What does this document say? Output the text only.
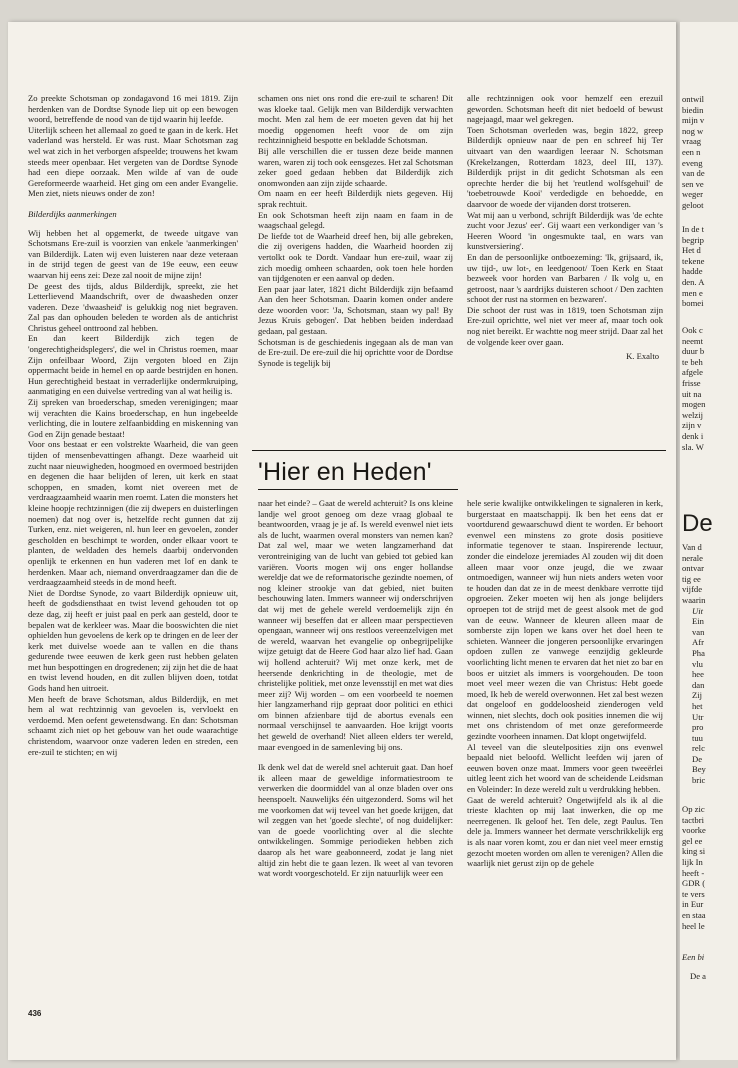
Zo preekte Schotsman op zondagavond 16 mei 1819. Zijn herdenken van de Dordtse Synode liep uit op een bewogen woord, betreffende de nood van de tijd waarin hij leefde.

Uiterlijk scheen het allemaal zo goed te gaan in de kerk. Het vaderland was hersteld. Er was rust. Maar Schotsman zag wel wat zich in het verborgen afspeelde; trouwens het kwam steeds meer openbaar. Het vergeten van de Dordtse Synode had een diepe oorzaak. Men wilde af van de oude Gereformeerde waarheid. Het ging om een ander Evangelie. Men ziet, niets nieuws onder de zon!

Bilderdijks aanmerkingen

Wij hebben het al opgemerkt, de tweede uitgave van Schotsmans Ere-zuil is voorzien van enkele 'aanmerkingen' van Bilderdijk. Laten wij even luisteren naar deze veteraan in de strijd tegen de geest van de 19e eeuw, een eeuw waarvan hij eens zei: Deze zal nooit de mijne zijn!

De geest des tijds, aldus Bilderdijk, spreekt, zie het Letterlievend Maandschrift, over de dwaasheden onzer vaderen. Deze 'dwaasheid' is gelukkig nog niet begraven. Zal pas dan ophouden beleden te worden als de antichrist Christus geheel onttroond zal hebben.

En dan keert Bilderdijk zich tegen de 'ongerechtigheidsplegers', die wel in Christus roemen, maar Zijn onfeilbaar Woord, Zijn vergoten bloed en Zijn oppermacht beide in hemel en op aarde bestrijden en honen. Hun gerechtigheid bestaat in verraderlijke ondermkruiping, aanmatiging en een duivelse vertreding van al wat heilig is.

Zij spreken van broederschap, smeden verenigingen; maar wij verachten die Kains broederschap, en hun ingebeelde verlichting, die in loutere zelfaanbidding en miskenning van God en Zijn genade bestaat!

Voor ons bestaat er een volstrekte Waarheid, die van geen tijden of mensenbevattingen afhangt. Deze waarheid uit zucht naar nieuwigheden, hoogmoed en overmoed bestrijden en degenen die haar belijden of leren, uit kerk en staat schoppen, en smaden, komt niet overeen met de verdraagzaamheid waarin men roemt. Laten die monsters het kleine hoopje rechtzinnigen (die zij dwepers en duisterlingen noemen) dat nog over is, hetzelfde recht gunnen dat zij Turken, enz. niet weigeren, nl. hun leer en gevoelen, zonder gescholden en beschimpt te worden, onder elkaar voort te planten, de weldaden des hemels daarbij ondervonden openlijk te erkennen en hun vaderen met lof en dank te herdenken. Maar ach, niemand onverdraagzamer dan die de verdraagzaamheid steeds in de mond heeft.

Niet de Dordtse Synode, zo vaart Bilderdijk opnieuw uit, heeft de godsdiensthaat en twist levend gehouden tot op deze dag, zij heeft er juist paal en perk aan gesteld, door te bepalen wat de kerkleer was. Maar die booswichten die niet ophielden hun gevoelens de kerk op te dringen en de leer der kerk met duivelse woede aan te vallen en die thans gedurende twee eeuwen de kerk geen rust hebben gelaten met hun bespottingen en drogredenen; zij zijn het die de haat en twist levend houden, en dit zullen blijven doen, totdat Gods hand hen uitroeit.

Men heeft de brave Schotsman, aldus Bilderdijk, en met hem al wat rechtzinnig van gevoelen is, vervloekt en verdoemd. Men oefent gewetensdwang. En dan: Schotsman schaamt zich niet op het gebouw van het oude waarachtige christendom, waarvoor onze vaderen leden en streden, een ere-zuil te stichten; en wij

schamen ons niet ons rond die ere-zuil te scharen! Dit was kloeke taal. Gelijk men van Bilderdijk verwachten mocht. Men zal hem de eer moeten geven dat hij het moedig opgenomen heeft voor de om zijn rechtzinnigheid bespotte en bekladde Schotsman.

Bij alle verschillen die er tussen deze beide mannen waren, waren zij toch ook eensgezes. Het zal Schotsman zeker goed gedaan hebben dat Bilderdijk zich onomwonden aan zijn zijde schaarde.

Om naam en eer heeft Bilderdijk niets gegeven. Hij sprak rechtuit.

En ook Schotsman heeft zijn naam en faam in de waagschaal gelegd.

De liefde tot de Waarheid dreef hen, bij alle gebreken, die zij overigens hadden, die Waarheid hoorden zij vertolkt ook te Dordt. Vandaar hun ere-zuil, waar zij zich moedig omheen schaarden, ook toen hele horden van tijdgenoten er een aanval op deden.

Een paar jaar later, 1821 dicht Bilderdijk zijn befaamd Aan den heer Schotsman. Daarin komen onder andere deze woorden voor: 'Ja, Schotsman, staan wy pal! By Jezus Kruis gebogen'. Dat hebben beiden inderdaad gedaan, pal gestaan.

Schotsman is de geschiedenis ingegaan als de man van de Ere-zuil. De ere-zuil die hij oprichtte voor de Dordtse Synode is tegelijk bij

alle rechtzinnigen ook voor hemzelf een erezuil geworden. Schotsman heeft dit niet bedoeld of bewust nagejaagd, maar wel gekregen.

Toen Schotsman overleden was, begin 1822, greep Bilderdijk opnieuw naar de pen en schreef hij Ter uitvaart van den waardigen leeraar N. Schotsman (Krekelzangen, Rotterdam 1823, deel III, 137). Bilderdijk prijst in dit gedicht Schotsman als een oprechte herder die bij het 'reutlend wolfsgehuil' de 'toebetrouwde Kooi' verdedigde en behoedde, en daarvoor de woede der vijanden dorst trotseren.

Wat mij aan u verbond, schrijft Bilderdijk was 'de echte zucht voor Jezus' eer'. Gij waart een verkondiger van 's Heeren Woord 'in ongesmukte taal, en wars van kunstversiering'.

En dan de persoonlijke ontboezeming: 'Ik, grijsaard, ik, uw tijd-, uw lot-, en leedgenoot/ Toen Kerk en Staat bezweek voor horden van Barbaren / Ik volg u, en getroost, naar 's aardrijks duisteren schoot / Den zachten schoot der rust na stormen en bezwaren'.

Die schoot der rust was in 1819, toen Schotsman zijn Ere-zuil oprichtte, wel niet ver meer af, maar toch ook nog niet bereikt. Er wachtte nog meer strijd. Daar zal het de volgende keer over gaan.

K. Exalto

'Hier en Heden'

naar het einde? – Gaat de wereld achteruit? Is ons kleine landje wel groot genoeg om deze vraag globaal te beantwoorden, vraag je je af. Is wereld evenwel niet iets als de lucht, waarmen overal monsters van nemen kan? Dat zal wel, maar we weten langzamerhand dat verontreiniging van de lucht van gebied tot gebied kan variëren. Voorts mogen wij ons enger hollandse wereldje dat we de reformatorische gezindte noemen, of nog kleiner strookje van dat gebied, niet buiten beschouwing laten. Immers wanneer wij onderschrijven dat wij met de gehele wereld verdoemelijk zijn én wanneer wij beseffen dat er alleen maar perspectieven opengaan, wanneer wij ons restloos vereenzelvigen met de wereld, waarvan het evangelie op onbegrijpelijke wijze getuigt dat de Heere God haar alzo lief had. Gaan wij hollend achteruit? Wij met onze kerk, met de heersende denkrichting in de theologie, met de christelijke politiek, met onze levensstijl en met wat dies meer zij? Wij worden – om een voorbeeld te noemen hier langzamerhand rijp gepraat door politici en ethici om binnen afzienbare tijd de abortus evenals een normaal verschijnsel te aanvaarden. Hoe krijgt voorts het geweld de overhand! Niet alleen elders ter wereld, maar evengoed in de samenleving bij ons.

Ik denk wel dat de wereld snel achteruit gaat. Dan hoef ik alleen maar de geweldige informatiestroom te verwerken die doormiddel van al onze bladen over ons heenspoelt. Nauwelijks één uitgezonderd. Soms wil het me voorkomen dat wij teveel van het goede krijgen, dat wil zeggen van het 'goede slechte', of nog duidelijker: van de goede voorlichting over al die slechte ontwikkelingen. Sommige periodieken hebben zich daarop als het ware geabonneerd, zodat je lang niet altijd zin hebt die te gaan lezen. Ik weet al van tevoren wat wordt voorgeschoteld. Er zijn natuurlijk weer een

hele serie kwalijke ontwikkelingen te signaleren in kerk, burgerstaat en maatschappij. Ik ben het eens dat er voortdurend gewaarschuwd dient te worden. Er behoort evenwel een minstens zo grote dosis positieve informatie tegenover te staan. Inspirerende lectuur, zonder die eindeloze jeremiades Al zouden wij dit doen alleen maar voor onze jeugd, die we zwaar ontmoedigen, wanneer wij hun niets anders weten voor te houden dan dat ze in de meest denkbare verrotte tijd opgroeien. Zeker moeten wij hen als jonge belijders oproepen tot de strijd met de geest alsook met de god van de eeuw. Wanneer de kleuren alleen maar de somberste zijn lopen we kans over het doel heen te schieten. Wanneer die jongeren persoonlijke ervaringen opdoen zullen ze vanwege eenzijdig gekleurde voorlichting licht menen te ervaren dat het niet zo bar en boos er uitziet als immers is voorgehouden. De toon moet veel meer wezen die van Christus: Hebt goede moed, Ik heb de wereld overwonnen. Het zal best wezen dat ongeloof en goddeloosheid zienderogen veld winnen, niet slechts, doch ook posities innemen die wij met ons christendom of met onze gereformeerde gezindte voorheen innamen. Dat klopt ongetwijfeld.

Al teveel van die sleutelposities zijn ons evenwel bepaald niet beloofd. Wellicht leefden wij jaren of eeuwen boven onze maat. Immers voor geen tweeërlei uitleg leent zich het woord van de scheidende Leidsman en Voleinder: In deze wereld zult u verdrukking hebben.

Gaat de wereld achteruit? Ongetwijfeld als ik al die trieste klachten op mij laat inwerken, die op me neerregenen. Ik geloof het. Ten dele, zegt Paulus. Ten dele ja. Immers wanneer het dermate verschrikkelijk erg is als naar voren komt, zou er dan niet veel meer ernstig gezocht moeten worden om allen te verenigen? Allen die waarlijk niet gerust zijn op de gehele

436
ontwil
biedin
mijn v
nog w
vraag
een n
eveng
van de
sen ve
weger
geloot
In de t
begrip
Het d
tekene
hadde
den. A
men e
bomei
Ook c
neemt
duur b
te beh
afgele
frisse
uit na
mogen
welzij
zijn v
denk i
sla. W
De
Van d
nerale
ontvar
tig ee
vijfde
waarin
Uit
Ein
van
Afr
Pha
vlu
hee
dan
Zij
het
Utr
pro
tuu
relc
De
Bey
bric
Op zic
tactbri
voorke
gel ee
king si
lijk In
heeft -
GDR (
te vers
in Eur
en staa
heel le
Een bi
De a
